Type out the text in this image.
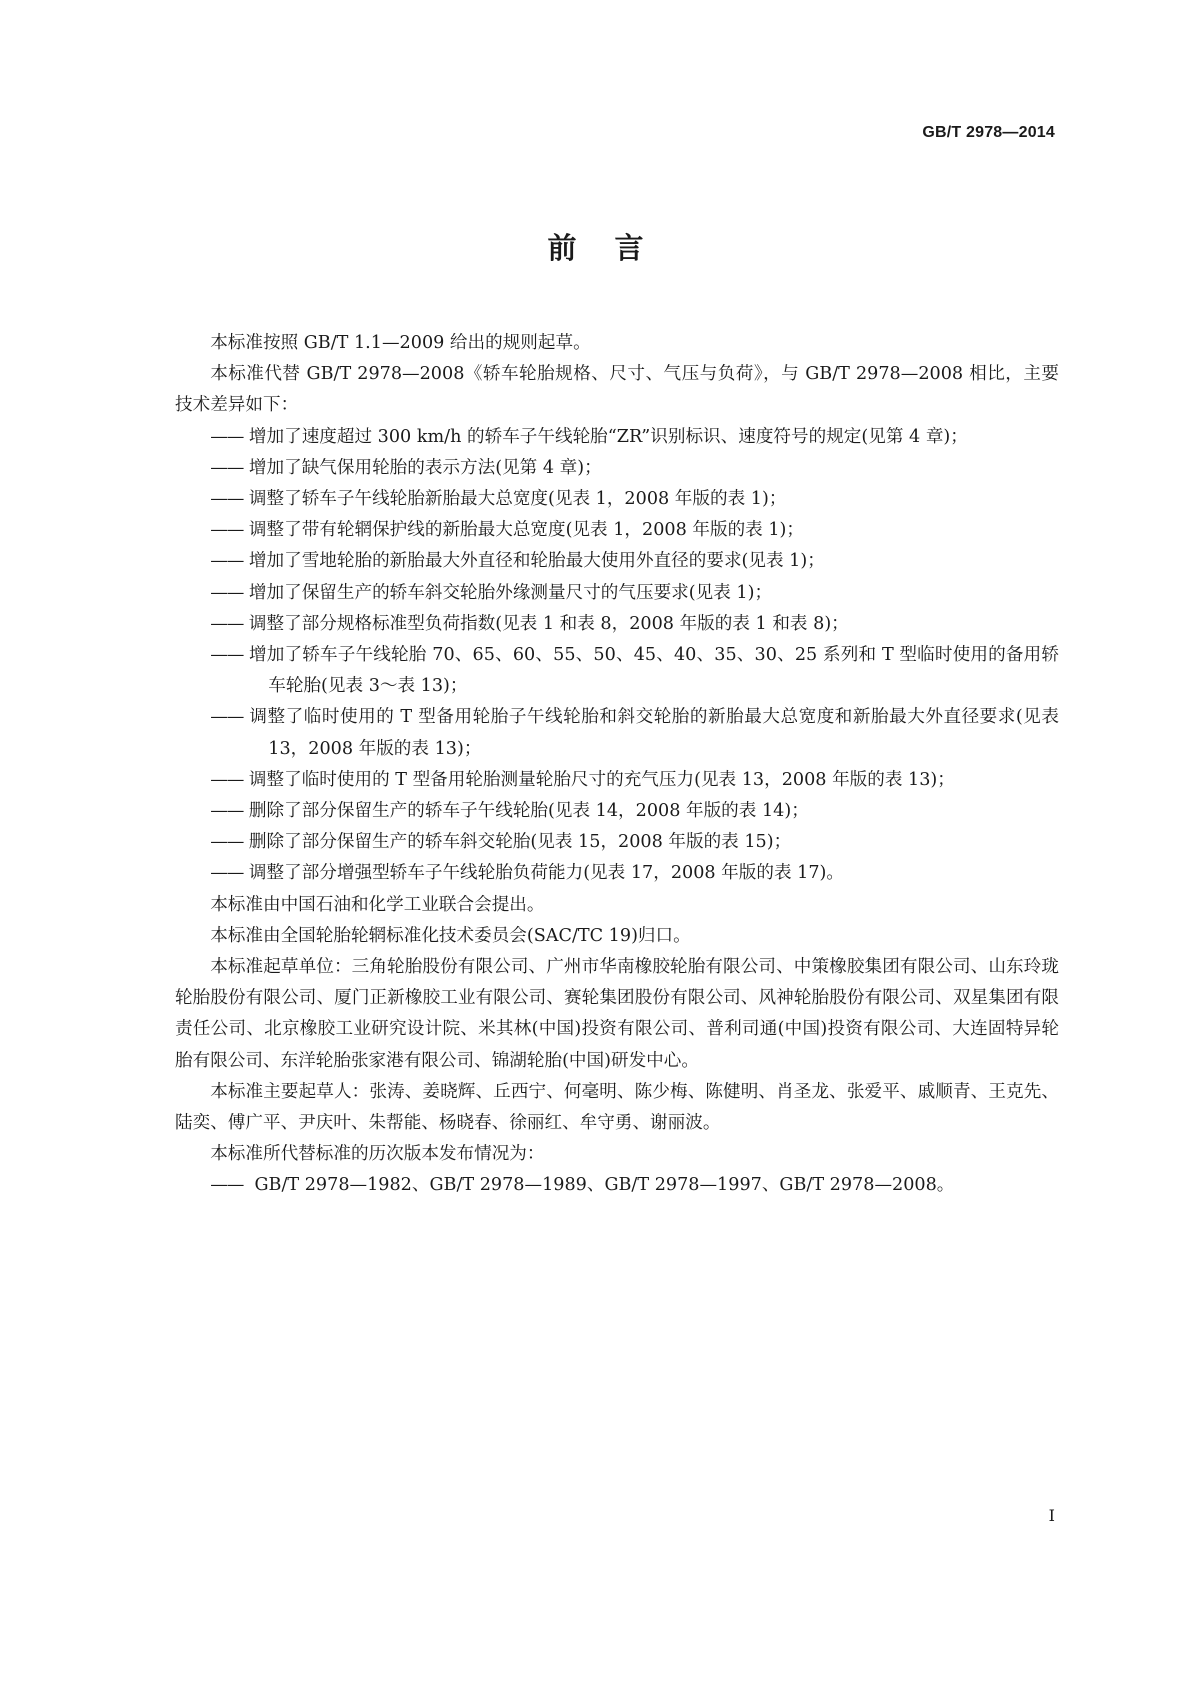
GB/T 2978—2014
前言

本标准按照 GB/T 1.1—2009 给出的规则起草。

本标准代替 GB/T 2978—2008《轿车轮胎规格、尺寸、气压与负荷》，与 GB/T 2978—2008 相比，主要技术差异如下：

—— 增加了速度超过 300 km/h 的轿车子午线轮胎“ZR”识别标识、速度符号的规定(见第 4 章)；

—— 增加了缺气保用轮胎的表示方法(见第 4 章)；

—— 调整了轿车子午线轮胎新胎最大总宽度(见表 1，2008 年版的表 1)；

—— 调整了带有轮辋保护线的新胎最大总宽度(见表 1，2008 年版的表 1)；

—— 增加了雪地轮胎的新胎最大外直径和轮胎最大使用外直径的要求(见表 1)；

—— 增加了保留生产的轿车斜交轮胎外缘测量尺寸的气压要求(见表 1)；

—— 调整了部分规格标准型负荷指数(见表 1 和表 8，2008 年版的表 1 和表 8)；

—— 增加了轿车子午线轮胎 70、65、60、55、50、45、40、35、30、25 系列和 T 型临时使用的备用轿车轮胎(见表 3～表 13)；

—— 调整了临时使用的 T 型备用轮胎子午线轮胎和斜交轮胎的新胎最大总宽度和新胎最大外直径要求(见表 13，2008 年版的表 13)；

—— 调整了临时使用的 T 型备用轮胎测量轮胎尺寸的充气压力(见表 13，2008 年版的表 13)；

—— 删除了部分保留生产的轿车子午线轮胎(见表 14，2008 年版的表 14)；

—— 删除了部分保留生产的轿车斜交轮胎(见表 15，2008 年版的表 15)；

—— 调整了部分增强型轿车子午线轮胎负荷能力(见表 17，2008 年版的表 17)。

本标准由中国石油和化学工业联合会提出。

本标准由全国轮胎轮辋标准化技术委员会(SAC/TC 19)归口。

本标准起草单位：三角轮胎股份有限公司、广州市华南橡胶轮胎有限公司、中策橡胶集团有限公司、山东玲珑轮胎股份有限公司、厦门正新橡胶工业有限公司、赛轮集团股份有限公司、风神轮胎股份有限公司、双星集团有限责任公司、北京橡胶工业研究设计院、米其林(中国)投资有限公司、普利司通(中国)投资有限公司、大连固特异轮胎有限公司、东洋轮胎张家港有限公司、锦湖轮胎(中国)研发中心。

本标准主要起草人：张涛、姜晓辉、丘西宁、何毫明、陈少梅、陈健明、肖圣龙、张爱平、戚顺青、王克先、陆奕、傅广平、尹庆叶、朱帮能、杨晓春、徐丽红、牟守勇、谢丽波。

本标准所代替标准的历次版本发布情况为：

—— GB/T 2978—1982、GB/T 2978—1989、GB/T 2978—1997、GB/T 2978—2008。

I
